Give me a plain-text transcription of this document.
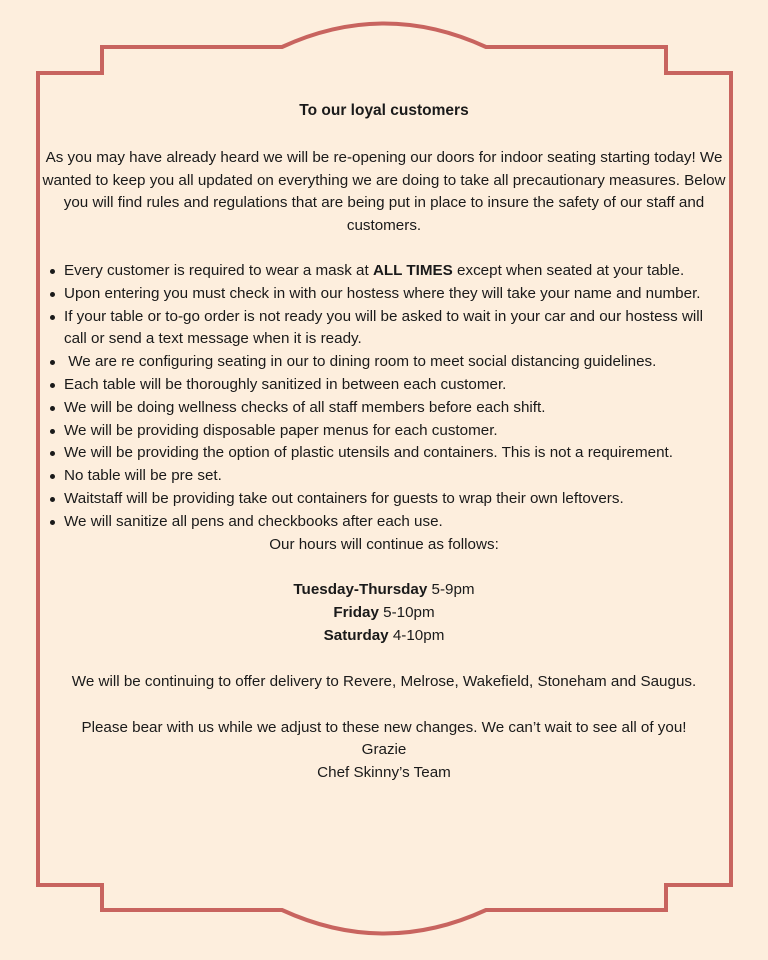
To our loyal customers

As you may have already heard we will be re-opening our doors for indoor seating starting today! We wanted to keep you all updated on everything we are doing to take all precautionary measures. Below you will find rules and regulations that are being put in place to insure the safety of our staff and customers.

Every customer is required to wear a mask at ALL TIMES except when seated at your table.
Upon entering you must check in with our hostess where they will take your name and number.
If your table or to-go order is not ready you will be asked to wait in your car and our hostess will call or send a text message when it is ready.
We are re configuring seating in our to dining room to meet social distancing guidelines.
Each table will be thoroughly sanitized in between each customer.
We will be doing wellness checks of all staff members before each shift.
We will be providing disposable paper menus for each customer.
We will be providing the option of plastic utensils and containers. This is not a requirement.
No table will be pre set.
Waitstaff will be providing take out containers for guests to wrap their own leftovers.
We will sanitize all pens and checkbooks after each use.
Our hours will continue as follows:
Tuesday-Thursday 5-9pm
Friday 5-10pm
Saturday 4-10pm
We will be continuing to offer delivery to Revere, Melrose, Wakefield, Stoneham and Saugus.
Please bear with us while we adjust to these new changes. We can’t wait to see all of you!
Grazie
Chef Skinny’s Team
